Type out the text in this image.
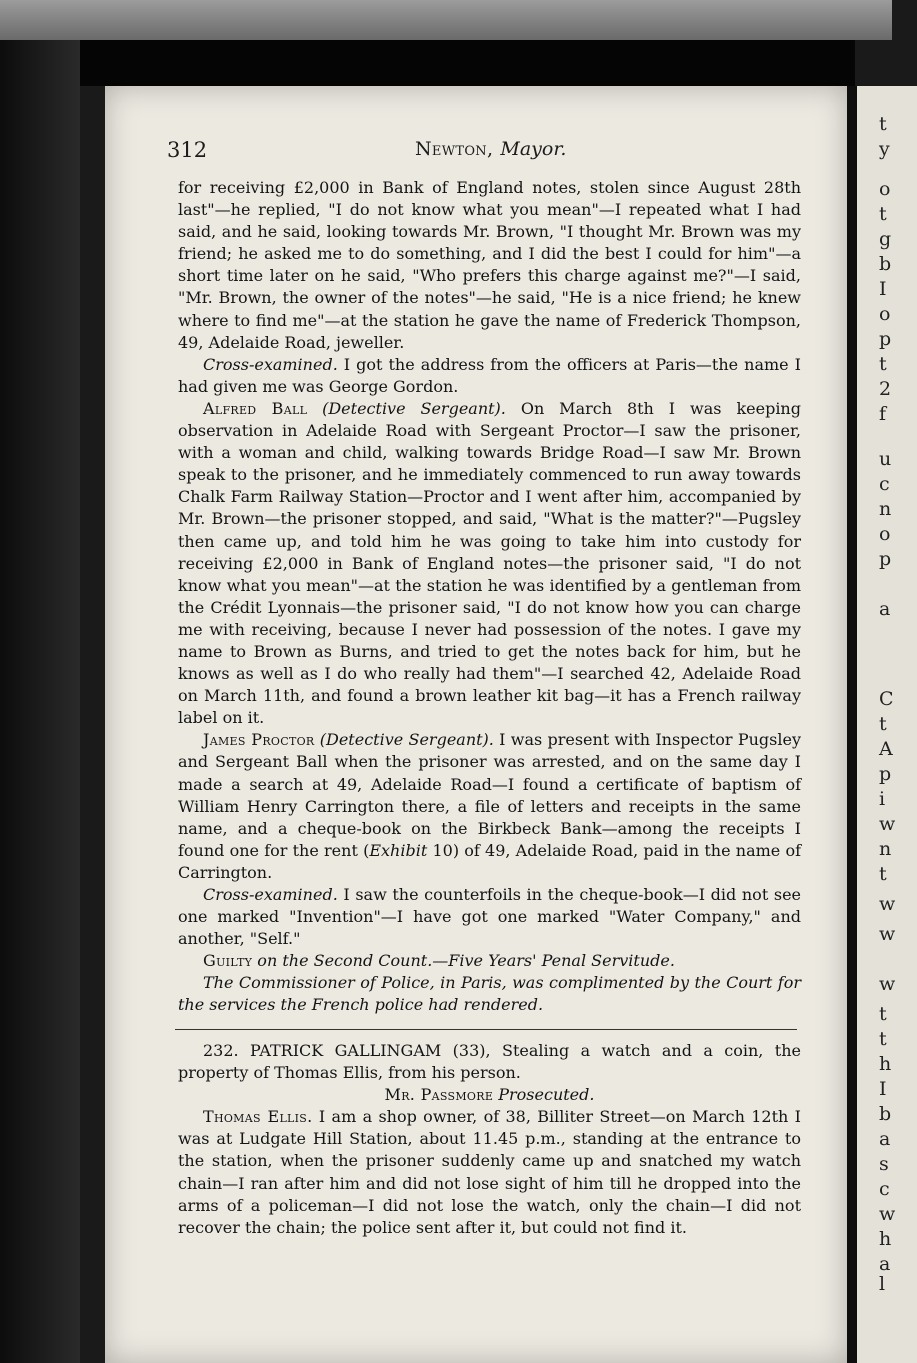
t
y
o
t
g
b
I
o
p
t
2
f
u
c
n
o
p
a
C
t
A
p
i
w
n
t
w
w
w
t
t
h
I
b
a
s
c
w
h
a
l
312	Newton, Mayor.

for receiving £2,000 in Bank of England notes, stolen since August 28th last"—he replied, "I do not know what you mean"—I repeated what I had said, and he said, looking towards Mr. Brown, "I thought Mr. Brown was my friend; he asked me to do something, and I did the best I could for him"—a short time later on he said, "Who prefers this charge against me?"—I said, "Mr. Brown, the owner of the notes"—he said, "He is a nice friend; he knew where to find me"—at the station he gave the name of Frederick Thompson, 49, Adelaide Road, jeweller.

Cross-examined. I got the address from the officers at Paris—the name I had given me was George Gordon.

Alfred Ball (Detective Sergeant). On March 8th I was keeping observation in Adelaide Road with Sergeant Proctor—I saw the prisoner, with a woman and child, walking towards Bridge Road—I saw Mr. Brown speak to the prisoner, and he immediately commenced to run away towards Chalk Farm Railway Station—Proctor and I went after him, accompanied by Mr. Brown—the prisoner stopped, and said, "What is the matter?"—Pugsley then came up, and told him he was going to take him into custody for receiving £2,000 in Bank of England notes—the prisoner said, "I do not know what you mean"—at the station he was identified by a gentleman from the Crédit Lyonnais—the prisoner said, "I do not know how you can charge me with receiving, because I never had possession of the notes. I gave my name to Brown as Burns, and tried to get the notes back for him, but he knows as well as I do who really had them"—I searched 42, Adelaide Road on March 11th, and found a brown leather kit bag—it has a French railway label on it.

James Proctor (Detective Sergeant). I was present with Inspector Pugsley and Sergeant Ball when the prisoner was arrested, and on the same day I made a search at 49, Adelaide Road—I found a certificate of baptism of William Henry Carrington there, a file of letters and receipts in the same name, and a cheque-book on the Birkbeck Bank—among the receipts I found one for the rent (Exhibit 10) of 49, Adelaide Road, paid in the name of Carrington.

Cross-examined. I saw the counterfoils in the cheque-book—I did not see one marked "Invention"—I have got one marked "Water Company," and another, "Self."

Guilty on the Second Count.—Five Years' Penal Servitude.

The Commissioner of Police, in Paris, was complimented by the Court for the services the French police had rendered.

232. PATRICK GALLINGAM (33), Stealing a watch and a coin, the property of Thomas Ellis, from his person.

Mr. Passmore Prosecuted.

Thomas Ellis. I am a shop owner, of 38, Billiter Street—on March 12th I was at Ludgate Hill Station, about 11.45 p.m., standing at the entrance to the station, when the prisoner suddenly came up and snatched my watch chain—I ran after him and did not lose sight of him till he dropped into the arms of a policeman—I did not lose the watch, only the chain—I did not recover the chain; the police sent after it, but could not find it.
